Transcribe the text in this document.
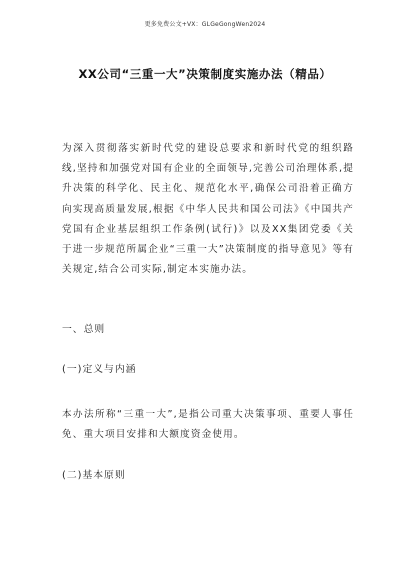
更多免费公文+VX：GLGeGongWen2024
XX公司“三重一大”决策制度实施办法（精品）

为深入贯彻落实新时代党的建设总要求和新时代党的组织路线,坚持和加强党对国有企业的全面领导,完善公司治理体系,提升决策的科学化、民主化、规范化水平,确保公司沿着正确方向实现高质量发展,根据《中华人民共和国公司法》《中国共产党国有企业基层组织工作条例(试行)》以及XX集团党委《关于进一步规范所属企业“三重一大”决策制度的指导意见》等有关规定,结合公司实际,制定本实施办法。

一、总则

(一)定义与内涵

本办法所称“三重一大”,是指公司重大决策事项、重要人事任免、重大项目安排和大额度资金使用。

(二)基本原则
